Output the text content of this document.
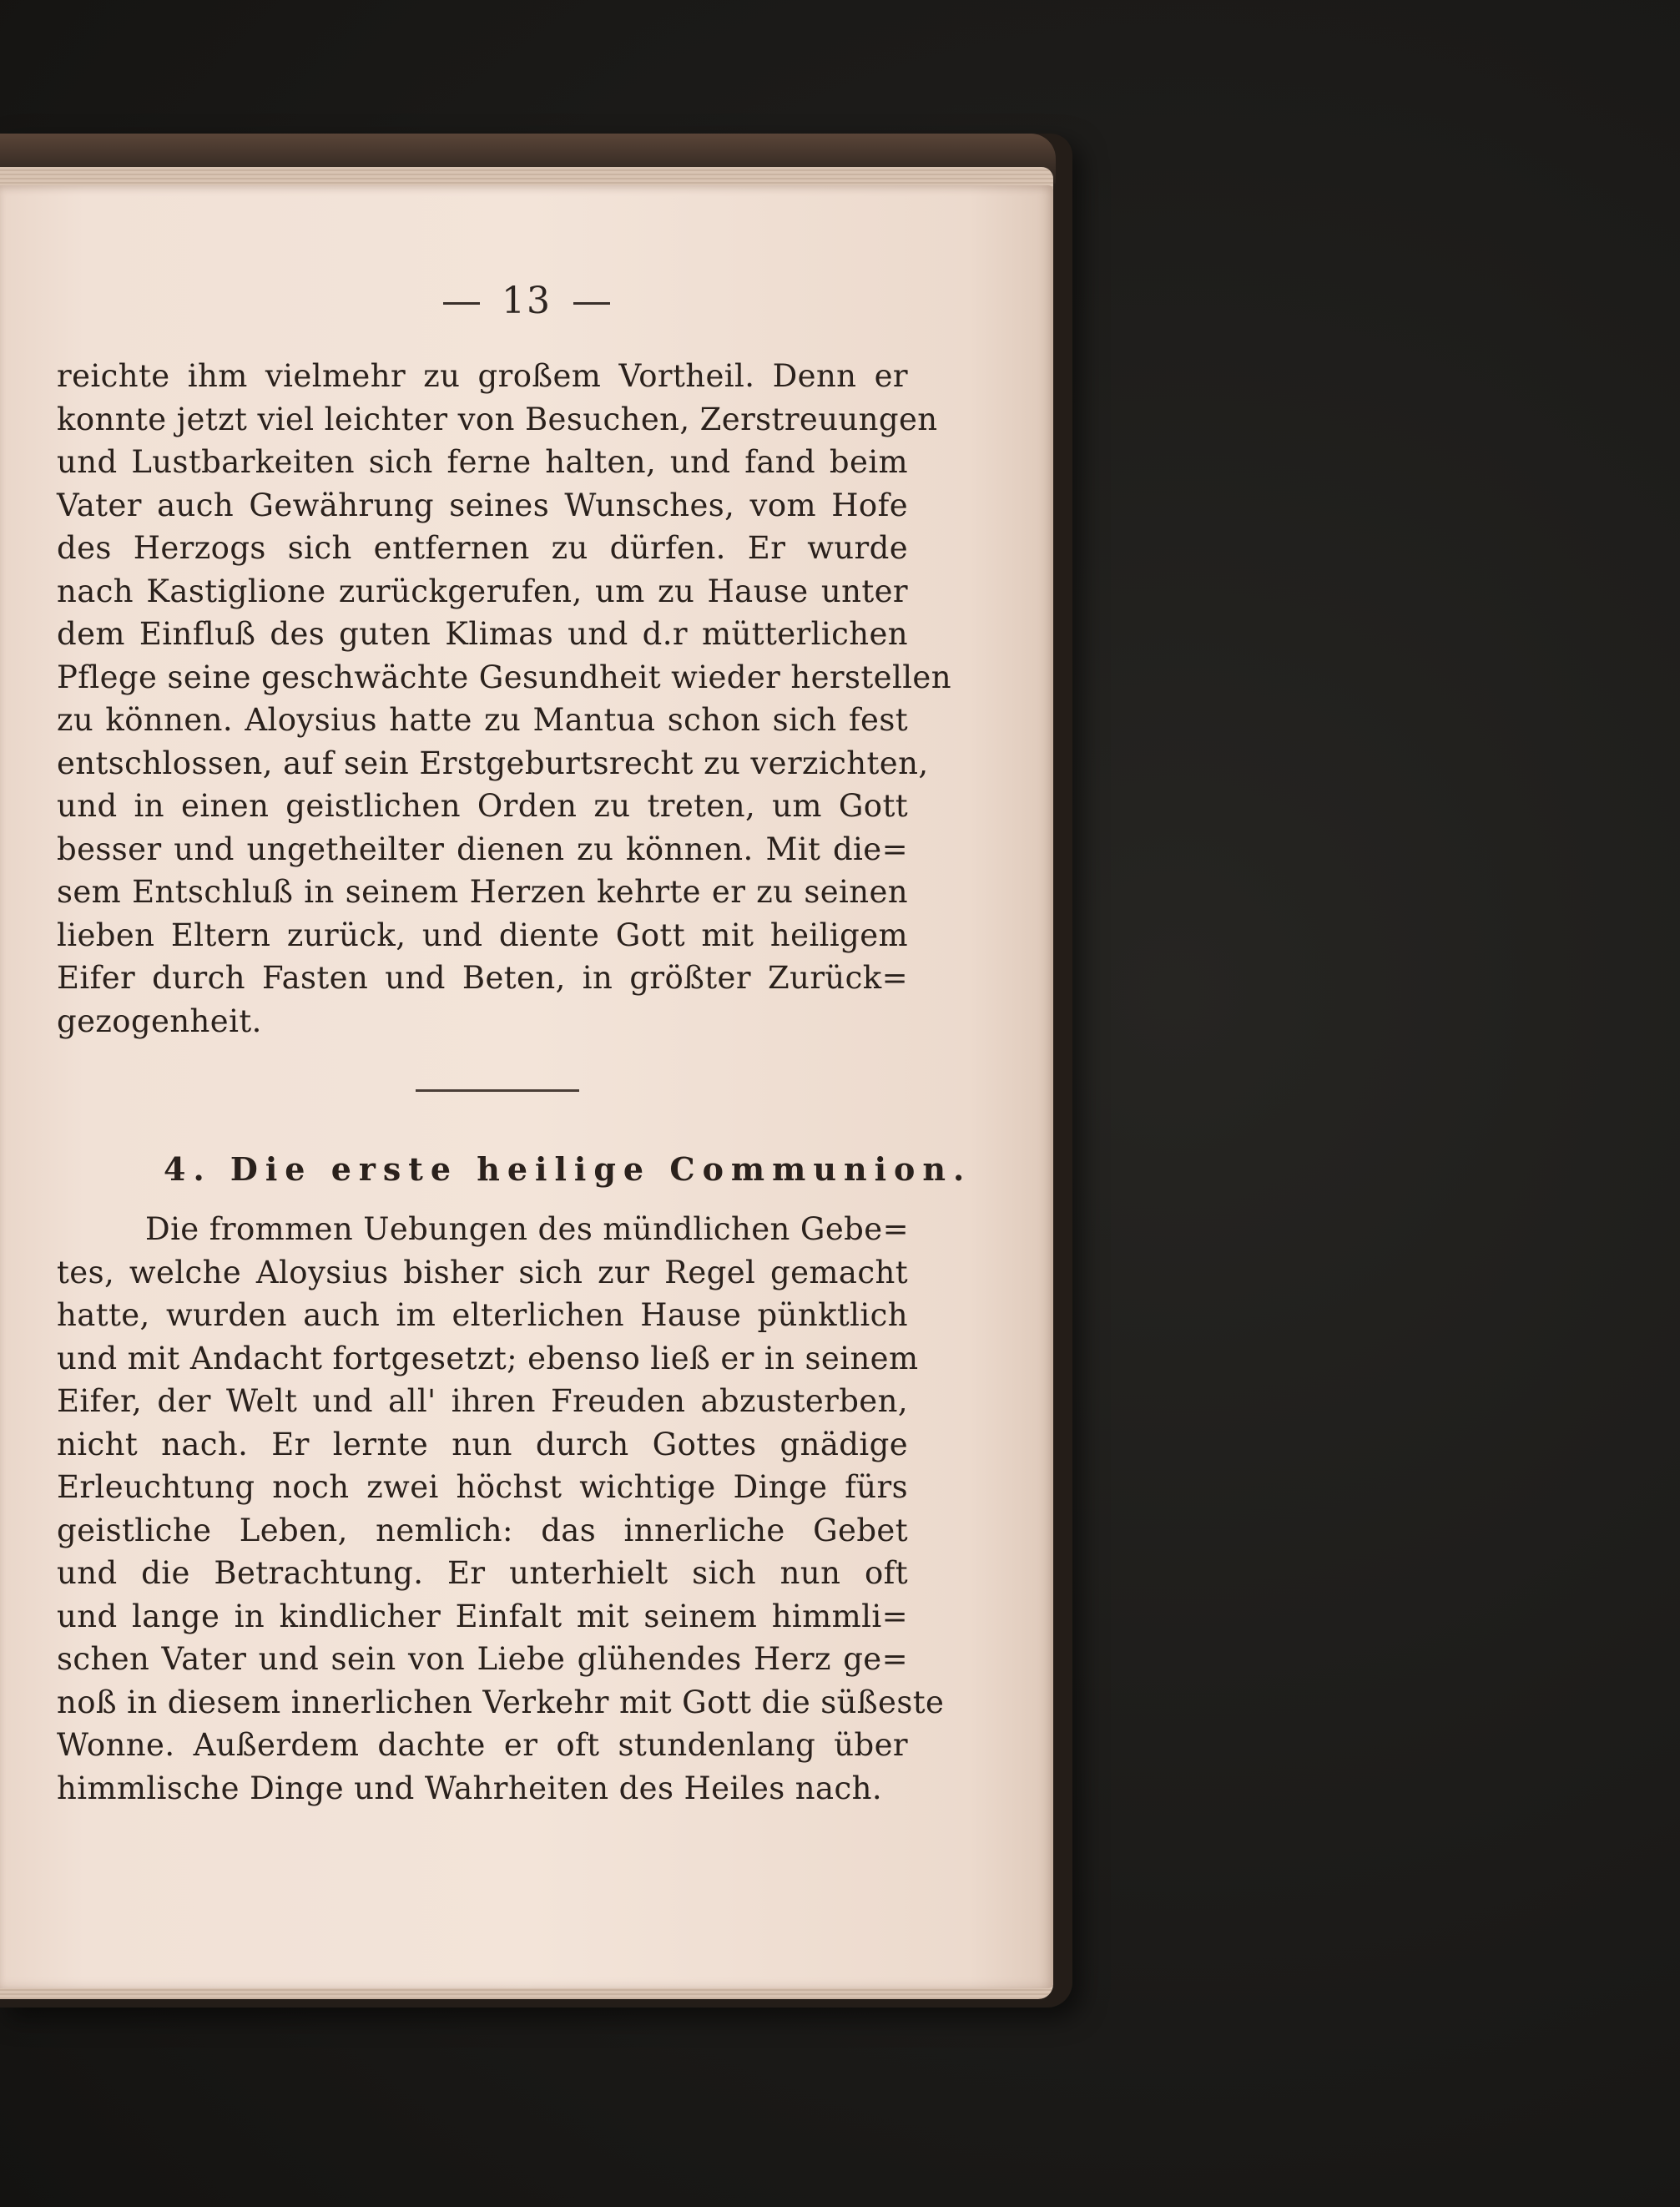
13
reichte ihm vielmehr zu großem Vortheil. Denn er
konnte jetzt viel leichter von Besuchen, Zerstreuungen
und Lustbarkeiten sich ferne halten, und fand beim
Vater auch Gewährung seines Wunsches, vom Hofe
des Herzogs sich entfernen zu dürfen. Er wurde
nach Kastiglione zurückgerufen, um zu Hause unter
dem Einfluß des guten Klimas und d.r mütterlichen
Pflege seine geschwächte Gesundheit wieder herstellen
zu können. Aloysius hatte zu Mantua schon sich fest
entschlossen, auf sein Erstgeburtsrecht zu verzichten,
und in einen geistlichen Orden zu treten, um Gott
besser und ungetheilter dienen zu können. Mit die=
sem Entschluß in seinem Herzen kehrte er zu seinen
lieben Eltern zurück, und diente Gott mit heiligem
Eifer durch Fasten und Beten, in größter Zurück=
gezogenheit.
4. Die erste heilige Communion.
Die frommen Uebungen des mündlichen Gebe=
tes, welche Aloysius bisher sich zur Regel gemacht
hatte, wurden auch im elterlichen Hause pünktlich
und mit Andacht fortgesetzt; ebenso ließ er in seinem
Eifer, der Welt und all' ihren Freuden abzusterben,
nicht nach. Er lernte nun durch Gottes gnädige
Erleuchtung noch zwei höchst wichtige Dinge fürs
geistliche Leben, nemlich: das innerliche Gebet
und die Betrachtung. Er unterhielt sich nun oft
und lange in kindlicher Einfalt mit seinem himmli=
schen Vater und sein von Liebe glühendes Herz ge=
noß in diesem innerlichen Verkehr mit Gott die süßeste
Wonne. Außerdem dachte er oft stundenlang über
himmlische Dinge und Wahrheiten des Heiles nach.
